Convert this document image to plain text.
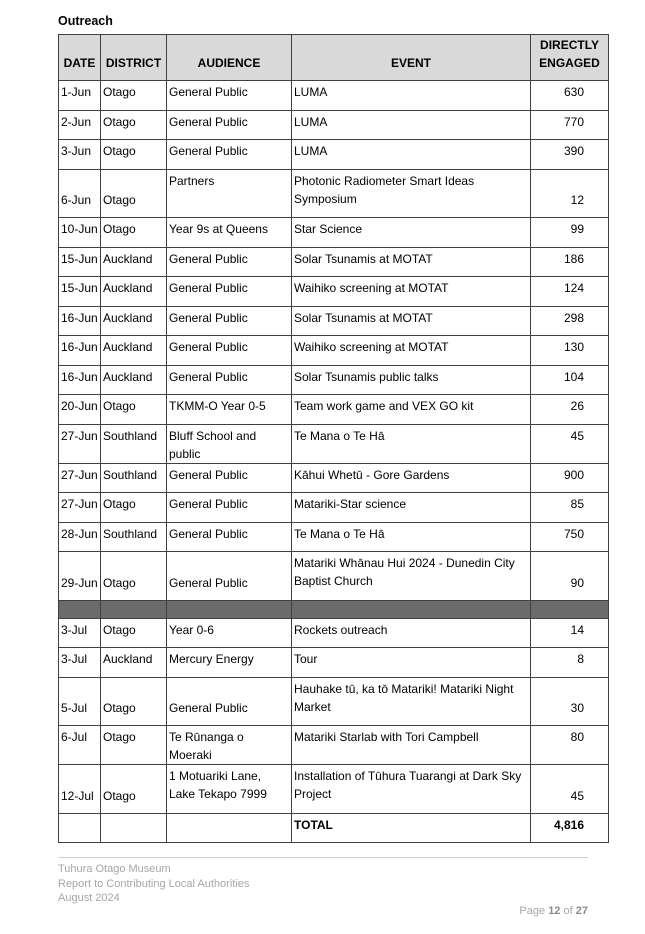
Outreach
DATE	DISTRICT	AUDIENCE	EVENT	DIRECTLY
ENGAGED
1-Jun	Otago	General Public	LUMA	630
2-Jun	Otago	General Public	LUMA	770
3-Jun	Otago	General Public	LUMA	390
6-Jun	Otago	Partners	Photonic Radiometer Smart Ideas Symposium	12
10-Jun	Otago	Year 9s at Queens	Star Science	99
15-Jun	Auckland	General Public	Solar Tsunamis at MOTAT	186
15-Jun	Auckland	General Public	Waihiko screening at MOTAT	124
16-Jun	Auckland	General Public	Solar Tsunamis at MOTAT	298
16-Jun	Auckland	General Public	Waihiko screening at MOTAT	130
16-Jun	Auckland	General Public	Solar Tsunamis public talks	104
20-Jun	Otago	TKMM-O Year 0-5	Team work game and VEX GO kit	26
27-Jun	Southland	Bluff School and public	Te Mana o Te Hā	45
27-Jun	Southland	General Public	Kāhui Whetū - Gore Gardens	900
27-Jun	Otago	General Public	Matariki-Star science	85
28-Jun	Southland	General Public	Te Mana o Te Hā	750
29-Jun	Otago	General Public	Matariki Whānau Hui 2024 - Dunedin City Baptist Church	90

3-Jul	Otago	Year 0-6	Rockets outreach	14
3-Jul	Auckland	Mercury Energy	Tour	8
5-Jul	Otago	General Public	Hauhake tū, ka tō Matariki! Matariki Night Market	30
6-Jul	Otago	Te Rūnanga o Moeraki	Matariki Starlab with Tori Campbell	80
12-Jul	Otago	1 Motuariki Lane, Lake Tekapo 7999	Installation of Tūhura Tuarangi at Dark Sky Project	45
			TOTAL	4,816
Tuhura Otago Museum
Report to Contributing Local Authorities
August 2024
Page 12 of 27
